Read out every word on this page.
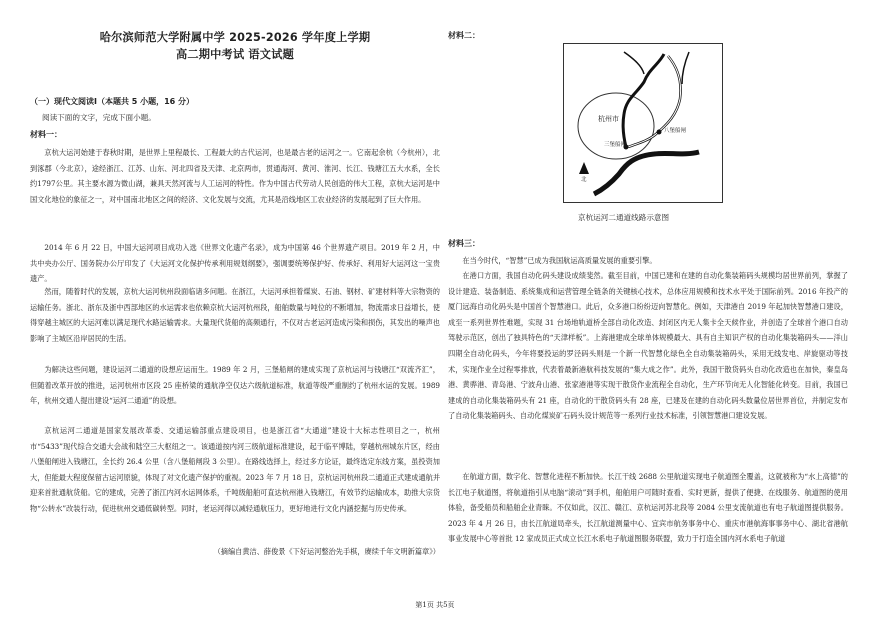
哈尔滨师范大学附属中学 2025-2026 学年度上学期
高二期中考试 语文试题
（一）现代文阅读Ⅰ（本题共 5 小题，16 分）
阅读下面的文字，完成下面小题。
材料一：

京杭大运河始建于春秋时期，是世界上里程最长、工程最大的古代运河，也是最古老的运河之一。它南起余杭（今杭州），北到涿郡（今北京），途经浙江、江苏、山东、河北四省及天津、北京两市，贯通海河、黄河、淮河、长江、钱塘江五大水系，全长约1797公里。其主要水源为微山湖，兼具天然河流与人工运河的特性。作为中国古代劳动人民创造的伟大工程，京杭大运河是中国文化地位的象征之一，对中国南北地区之间的经济、文化发展与交流，尤其是沿线地区工农业经济的发展起到了巨大作用。

2014 年 6 月 22 日，中国大运河项目成功入选《世界文化遗产名录》，成为中国第 46 个世界遗产项目。2019 年 2 月，中共中央办公厅、国务院办公厅印发了《大运河文化保护传承利用规划纲要》，强调要统筹保护好、传承好、利用好大运河这一宝贵遗产。

然而，随着时代的发展，京杭大运河杭州段面临诸多问题。在浙江，大运河承担着煤炭、石油、钢材、矿建材料等大宗物资的运输任务。浙北、浙东及浙中西部地区的水运需求也依赖京杭大运河杭州段，船舶数量与吨位的不断增加，物流需求日益增长，使得穿越主城区的大运河难以满足现代水路运输需求。大量现代货船的高频通行，不仅对古老运河造成污染和损伤，其发出的噪声也影响了主城区沿岸居民的生活。

为解决这些问题，建设运河二通道的设想应运而生。1989 年 2 月，三堡船闸的建成实现了京杭运河与钱塘江“双流齐汇”，但随着改革开放的推进，运河杭州市区段 25 座桥梁的通航净空仅达六级航道标准，航道等级严重制约了杭州水运的发展。1989 年，杭州交通人提出建设“运河二通道”的设想。

京杭运河二通道是国家发展改革委、交通运输部重点建设项目，也是浙江省“大通道”建设十大标志性项目之一，杭州市“5433”现代综合交通大会战和陆空三大枢纽之一。该通道按内河三级航道标准建设，起于临平博陆，穿越杭州城东片区，经由八堡船闸进入钱塘江，全长约 26.4 公里（含八堡船闸段 3 公里）。在路线选择上，经过多方论证，最终选定东线方案，虽投资加大，但能最大程度保留古运河原貌，体现了对文化遗产保护的重视。2023 年 7 月 18 日，京杭运河杭州段二通道正式建成通航并迎来首批通航货船。它的建成，完善了浙江内河水运网体系，千吨级船舶可直达杭州港入钱塘江，有效节约运输成本，助推大宗货物“公转水”改装行动，促进杭州交通低碳转型。同时，老运河得以减轻通航压力，更好地进行文化内涵挖掘与历史传承。

（摘编自黄洁、薛俊景《下好运河整治先手棋，赓续千年文明新篇章》）
材料二：
杭州市
三堡船闸
八堡船闸
北
京杭运河二通道线路示意图
材料三：

在当今时代，“智慧”已成为我国航运高质量发展的重要引擎。

在港口方面，我国自动化码头建设成绩斐然。截至目前，中国已建和在建的自动化集装箱码头规模均居世界前列，掌握了设计建造、装备制造、系统集成和运营管理全链条的关键核心技术，总体应用规模和技术水平处于国际前列。2016 年投产的厦门远海自动化码头是中国首个智慧港口。此后，众多港口纷纷迈向智慧化。例如，天津港自 2019 年起加快智慧港口建设，成至一系列世界性难题，实现 31 台场地轨道桥全部自动化改造、封闭区内无人集卡全天候作业，并创造了全球首个港口自动驾驶示范区，创出了独具特色的“天津样板”。上海港建成全球单体规模最大、具有自主知识产权的自动化集装箱码头——洋山四期全自动化码头，今年将要投运的罗泾码头则是一个新一代智慧化绿色全自动集装箱码头，采用无线发电、岸旋驱动等技术，实现作业全过程零排放，代表着最新港航科技发展的“集大成之作”。此外，我国干散货码头自动化改造也在加快，秦皇岛港、黄骅港、青岛港、宁波舟山港、张家港港等实现干散货作业流程全自动化，生产环节向无人化智能化转变。目前，我国已建成的自动化集装箱码头有 21 座，自动化的干散货码头有 28 座，已建及在建的自动化码头数量位居世界首位，并制定发布了自动化集装箱码头、自动化煤炭矿石码头设计规范等一系列行业技术标准，引领智慧港口建设发展。

在航道方面，数字化、智慧化进程不断加快。长江干线 2688 公里航道实现电子航道图全覆盖，这就被称为“水上高德”的长江电子航道图，将航道指引从电脑“滚动”到手机，船舶用户可随时查看、实时更新，提供了便捷、在线服务、航道图的使用体验，备受船员和船舶企业青睐。不仅如此，汉江、赣江、京杭运河苏北段等 2084 公里支流航道也有电子航道图提供服务。2023 年 4 月 26 日，由长江航道局牵头，长江航道测量中心、宜宾市航务事务中心、重庆市港航海事事务中心、湖北省港航事业发展中心等首批 12 家成员正式成立长江水系电子航道图服务联盟，致力于打造全国内河水系电子航道

第1页 共5页
